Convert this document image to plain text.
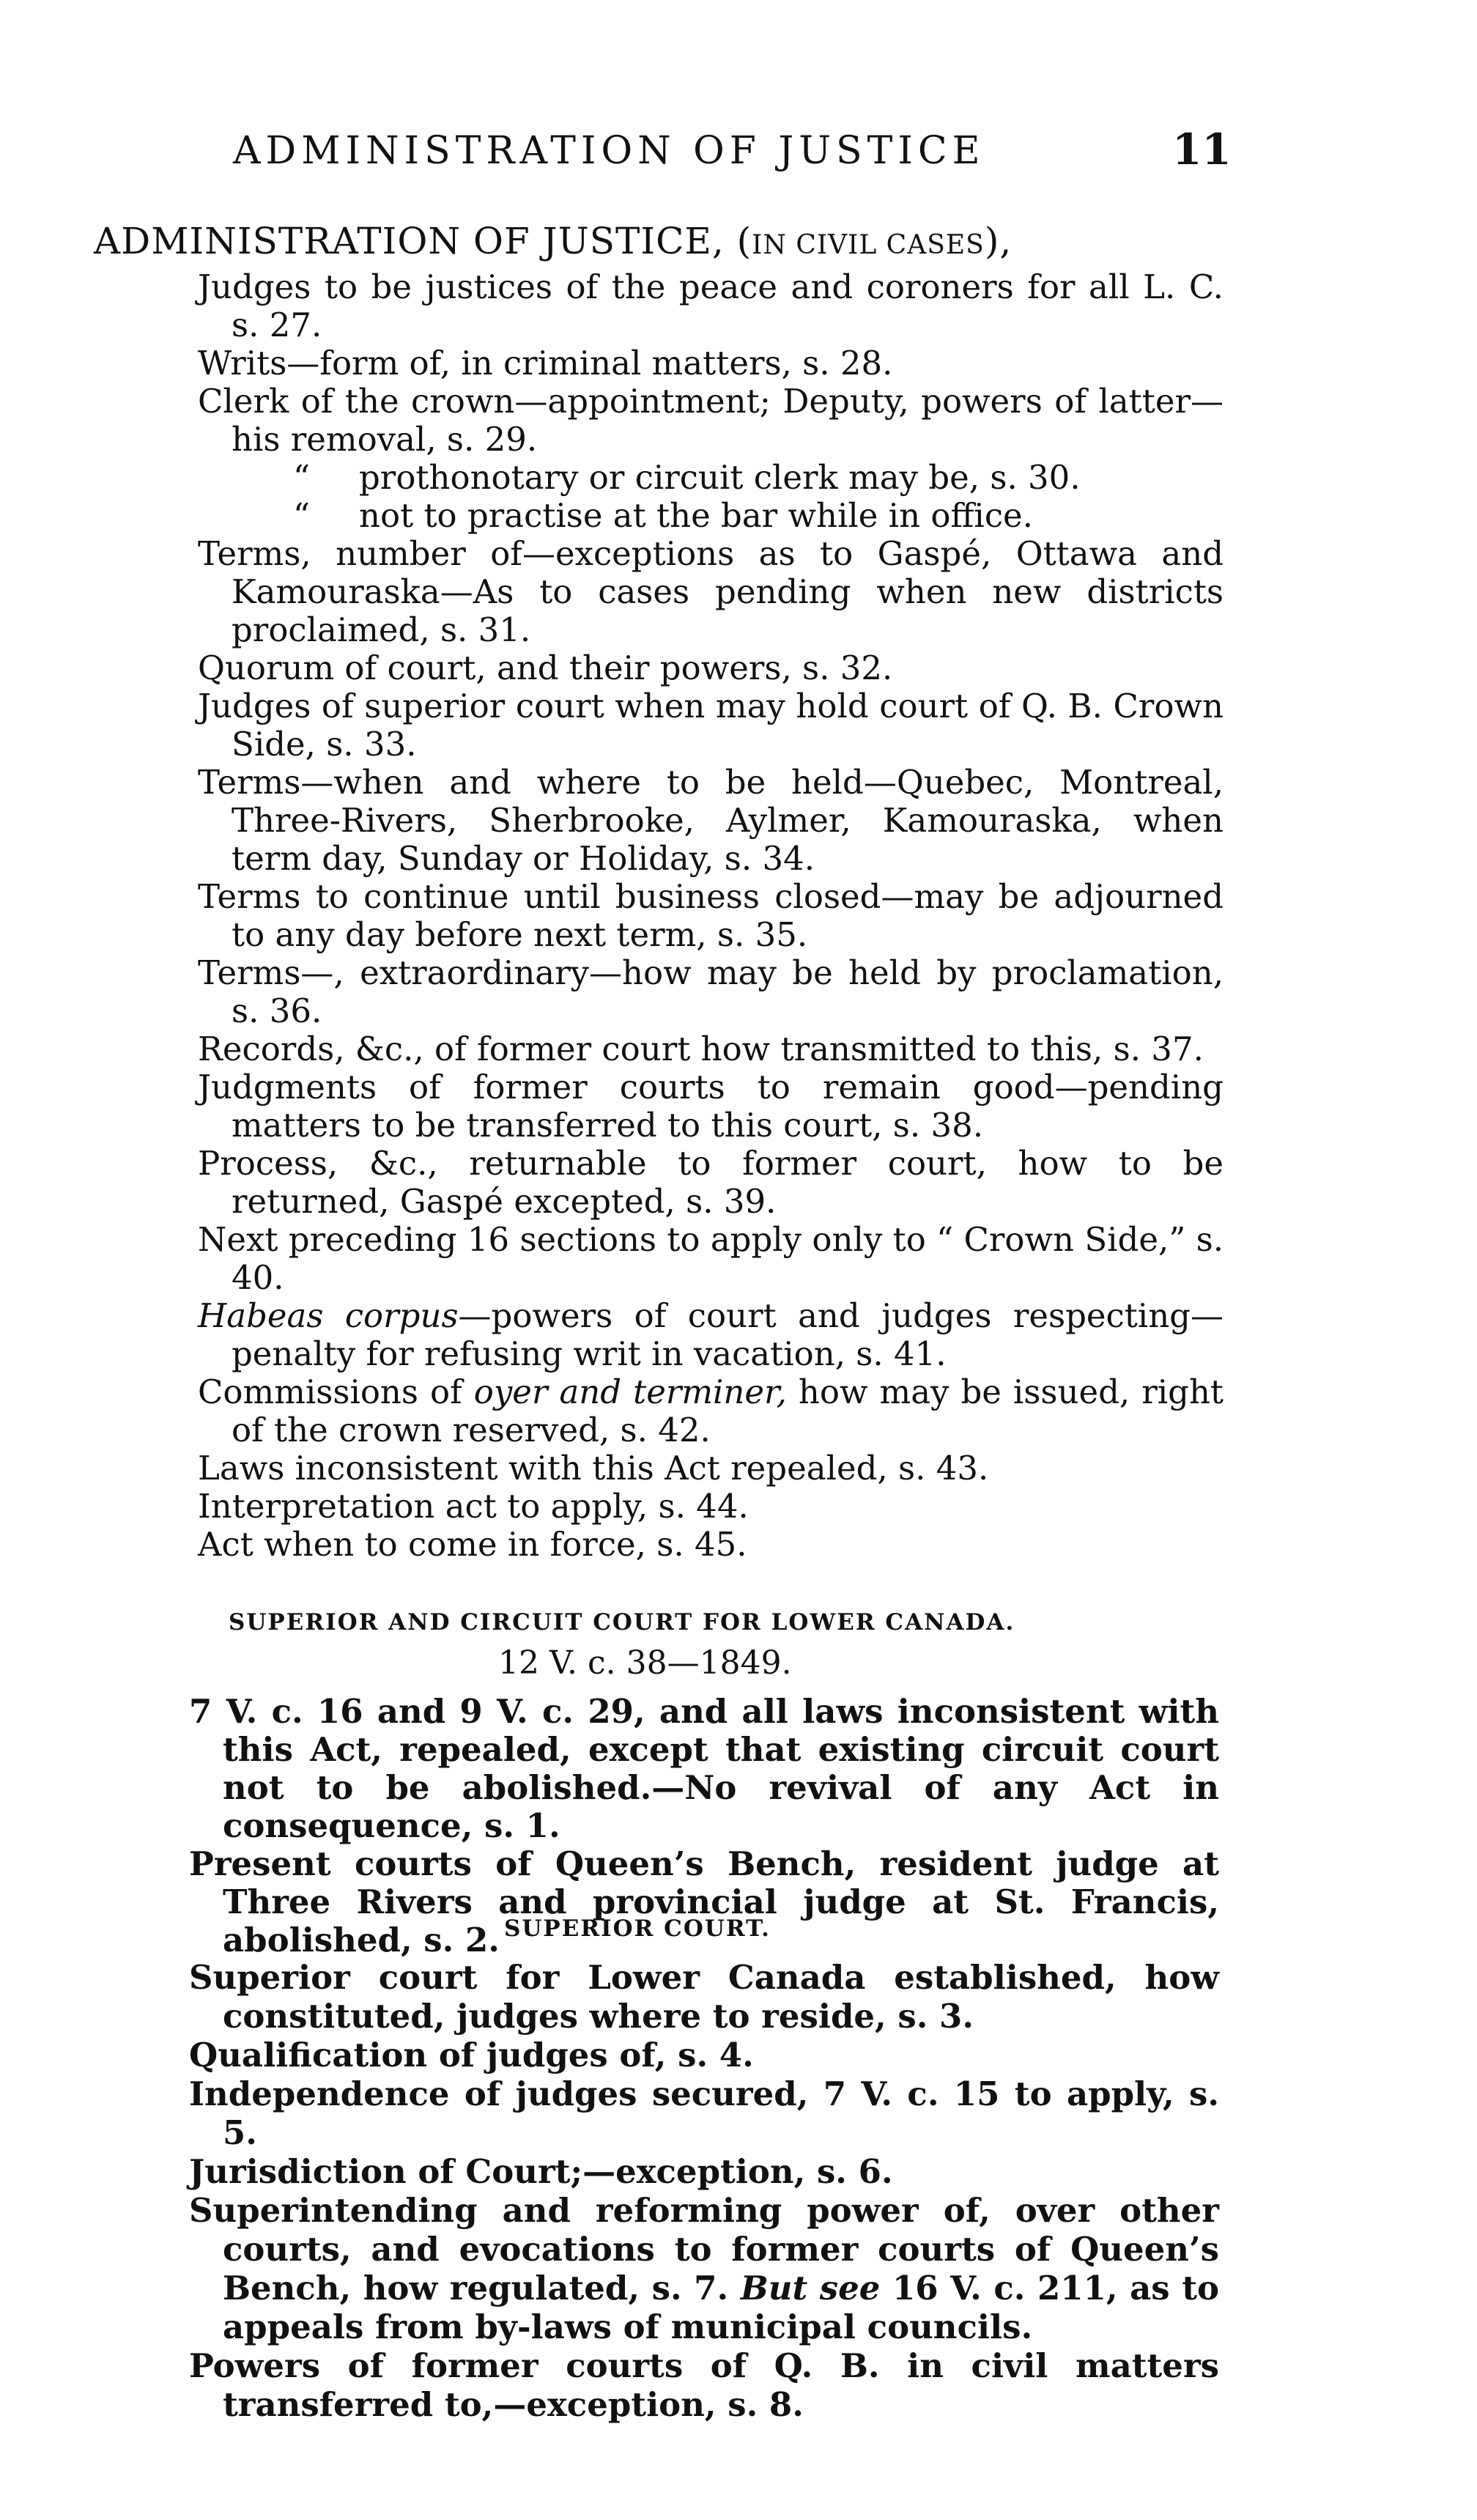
ADMINISTRATION OF JUSTICE	11
ADMINISTRATION OF JUSTICE, (IN CIVIL CASES),
Judges to be justices of the peace and coroners for all L. C. s. 27.
Writs—form of, in criminal matters, s. 28.
Clerk of the crown—appointment; Deputy, powers of latter—his removal, s. 29.
“ prothonotary or circuit clerk may be, s. 30.
“ not to practise at the bar while in office.
Terms, number of—exceptions as to Gaspé, Ottawa and Kamouraska—As to cases pending when new districts proclaimed, s. 31.
Quorum of court, and their powers, s. 32.
Judges of superior court when may hold court of Q. B. Crown Side, s. 33.
Terms—when and where to be held—Quebec, Montreal, Three-Rivers, Sherbrooke, Aylmer, Kamouraska, when term day, Sunday or Holiday, s. 34.
Terms to continue until business closed—may be adjourned to any day before next term, s. 35.
Terms—, extraordinary—how may be held by proclamation, s. 36.
Records, &c., of former court how transmitted to this, s. 37.
Judgments of former courts to remain good—pending matters to be transferred to this court, s. 38.
Process, &c., returnable to former court, how to be returned, Gaspé excepted, s. 39.
Next preceding 16 sections to apply only to “ Crown Side,” s. 40.
Habeas corpus—powers of court and judges respecting—penalty for refusing writ in vacation, s. 41.
Commissions of oyer and terminer, how may be issued, right of the crown reserved, s. 42.
Laws inconsistent with this Act repealed, s. 43.
Interpretation act to apply, s. 44.
Act when to come in force, s. 45.
SUPERIOR AND CIRCUIT COURT FOR LOWER CANADA.
12 V. c. 38—1849.
7 V. c. 16 and 9 V. c. 29, and all laws inconsistent with this Act, repealed, except that existing circuit court not to be abolished.—No revival of any Act in consequence, s. 1.
Present courts of Queen’s Bench, resident judge at Three Rivers and provincial judge at St. Francis, abolished, s. 2. SUPERIOR COURT.
Superior court for Lower Canada established, how constituted, judges where to reside, s. 3.
Qualification of judges of, s. 4.
Independence of judges secured, 7 V. c. 15 to apply, s. 5.
Jurisdiction of Court;—exception, s. 6.
Superintending and reforming power of, over other courts, and evocations to former courts of Queen’s Bench, how regulated, s. 7. But see 16 V. c. 211, as to appeals from by-laws of municipal councils.
Powers of former courts of Q. B. in civil matters transferred to,—exception, s. 8.
